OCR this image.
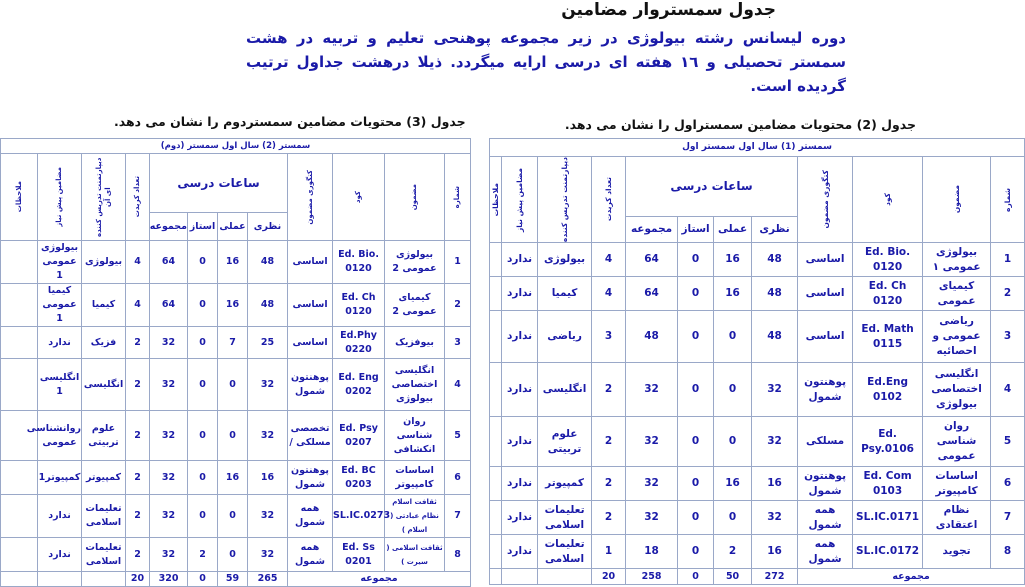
جدول سمستروار مضامین
دوره لیسانس رشته بیولوژی در زیر مجموعه پوهنحی تعلیم و تربیه در هشت سمستر تحصیلی و ۱٦ هفته ای درسی ارایه میگردد. ذیلا درهشت جداول ترتیب گردیده است.
جدول (2) محتویات مضامین سمستراول را نشان می دهد.
جدول (3) محتویات مضامین سمستردوم را نشان می دهد.
سمستر (1) سال اول سمستر اول											

شماره	مضمون	کود	کتگوری مضمون	ساعات درسی				تعداد کریدت	دیپارتمنت تدریس کننده	مضامین پیش نیاز	ملاحظات

				نظری	عملی	استاز	مجموعه				
1	بیولوژی عمومی ۱	Ed. Bio. 0120	اساسی	48	16	0	64	4	بیولوژی	ندارد	
2	کیمیای عمومی	Ed. Ch 0120	اساسی	48	16	0	64	4	کیمیا	ندارد	
3	ریاضی عمومی و احصائیه	Ed. Math 0115	اساسی	48	0	0	48	3	ریاضی	ندارد	
4	انگلیسی اختصاصی بیولوژی	Ed.Eng 0102	پوهنتون شمول	32	0	0	32	2	انگلیسی	ندارد	
5	روان شناسی عمومی	Ed. Psy.0106	مسلکی	32	0	0	32	2	علوم تربیتی	ندارد	
6	اساسات کامپیوتر	Ed. Com 0103	پوهنتون شمول	16	16	0	32	2	کمپیوتر	ندارد	
7	نظام اعتقادی	SL.IC.0171	همه شمول	32	0	0	32	2	تعلیمات اسلامی	ندارد	
8	تجوید	SL.IC.0172	همه شمول	16	2	0	18	1	تعلیمات اسلامی	ندارد	
مجموعه				272	50	0	258	20			
سمستر (2) سال اول سمستر (دوم)											

شماره	مضمون	کود	کتگوری مضمون	ساعات درسی				تعداد کریدت	دیپارتمنت تدریس کننده ای آن	مضامین پیش نیاز	ملاحظات

				نظری	عملی	استاز	مجموعه				
1	بیولوژی عمومی 2	Ed. Bio. 0120	اساسی	48	16	0	64	4	بیولوژی	بیولوژی عمومی 1	
2	کیمیای عمومی 2	Ed. Ch 0120	اساسی	48	16	0	64	4	کیمیا	کیمیا عمومی 1	
3	بیوفزیک	Ed.Phy 0220	اساسی	25	7	0	32	2	فزیک	ندارد	
4	انگلیسی اختصاصی بیولوژی	Ed. Eng 0202	پوهنتون شمول	32	0	0	32	2	انگلیسی	انگلیسی 1	
5	روان شناسی انکشافی	Ed. Psy 0207	تخصصی مسلکی /	32	0	0	32	2	علوم تربیتی	روانشناسی عمومی	
6	اساسات کامپیوتر	Ed. BC 0203	پوهنتون شمول	16	16	0	32	2	کمپیوتر	کمپیوتر1	
7	ثقافت اسلام نظام عبادتی ( اسلام )	SL.IC.0273	همه شمول	32	0	0	32	2	تعلیمات اسلامی	ندارد	
8	ثقافت اسلامی ( سیرت )	Ed. Ss 0201	همه شمول	32	0	2	32	2	تعلیمات اسلامی	ندارد	
مجموعه				265	59	0	320	20			
